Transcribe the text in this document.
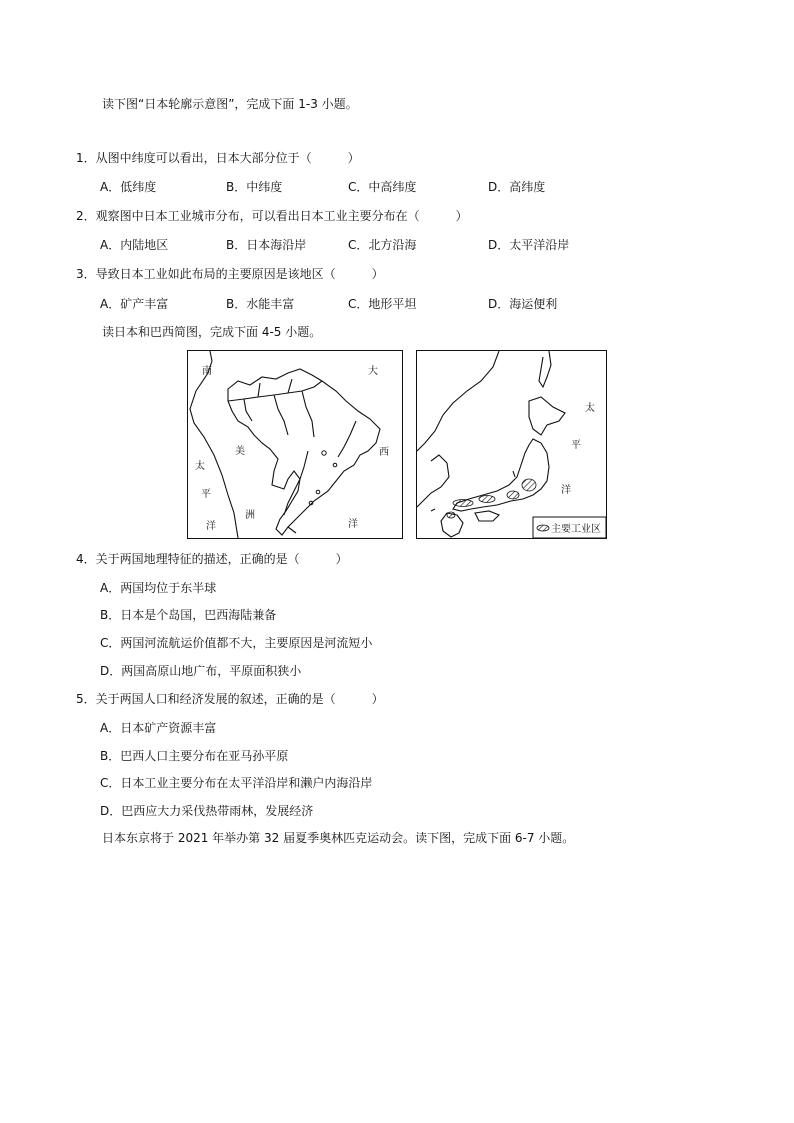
读下图“日本轮廓示意图”，完成下面 1-3 小题。
1．从图中纬度可以看出，日本大部分位于（　　　）
A．低纬度	B．中纬度	C．中高纬度	D．高纬度
2．观察图中日本工业城市分布，可以看出日本工业主要分布在（　　　）
A．内陆地区	B．日本海沿岸	C．北方沿海	D．太平洋沿岸
3．导致日本工业如此布局的主要原因是该地区（　　　）
A．矿产丰富	B．水能丰富	C．地形平坦	D．海运便利
读日本和巴西简图，完成下面 4-5 小题。
南
美
洲
太
平
洋
大
西
洋
太
平
洋
主要工业区
4．关于两国地理特征的描述，正确的是（　　　）
A．两国均位于东半球
B．日本是个岛国，巴西海陆兼备
C．两国河流航运价值都不大，主要原因是河流短小
D．两国高原山地广布，平原面积狭小
5．关于两国人口和经济发展的叙述，正确的是（　　　）
A．日本矿产资源丰富
B．巴西人口主要分布在亚马孙平原
C．日本工业主要分布在太平洋沿岸和濑户内海沿岸
D．巴西应大力采伐热带雨林，发展经济
日本东京将于 2021 年举办第 32 届夏季奥林匹克运动会。读下图，完成下面 6-7 小题。
